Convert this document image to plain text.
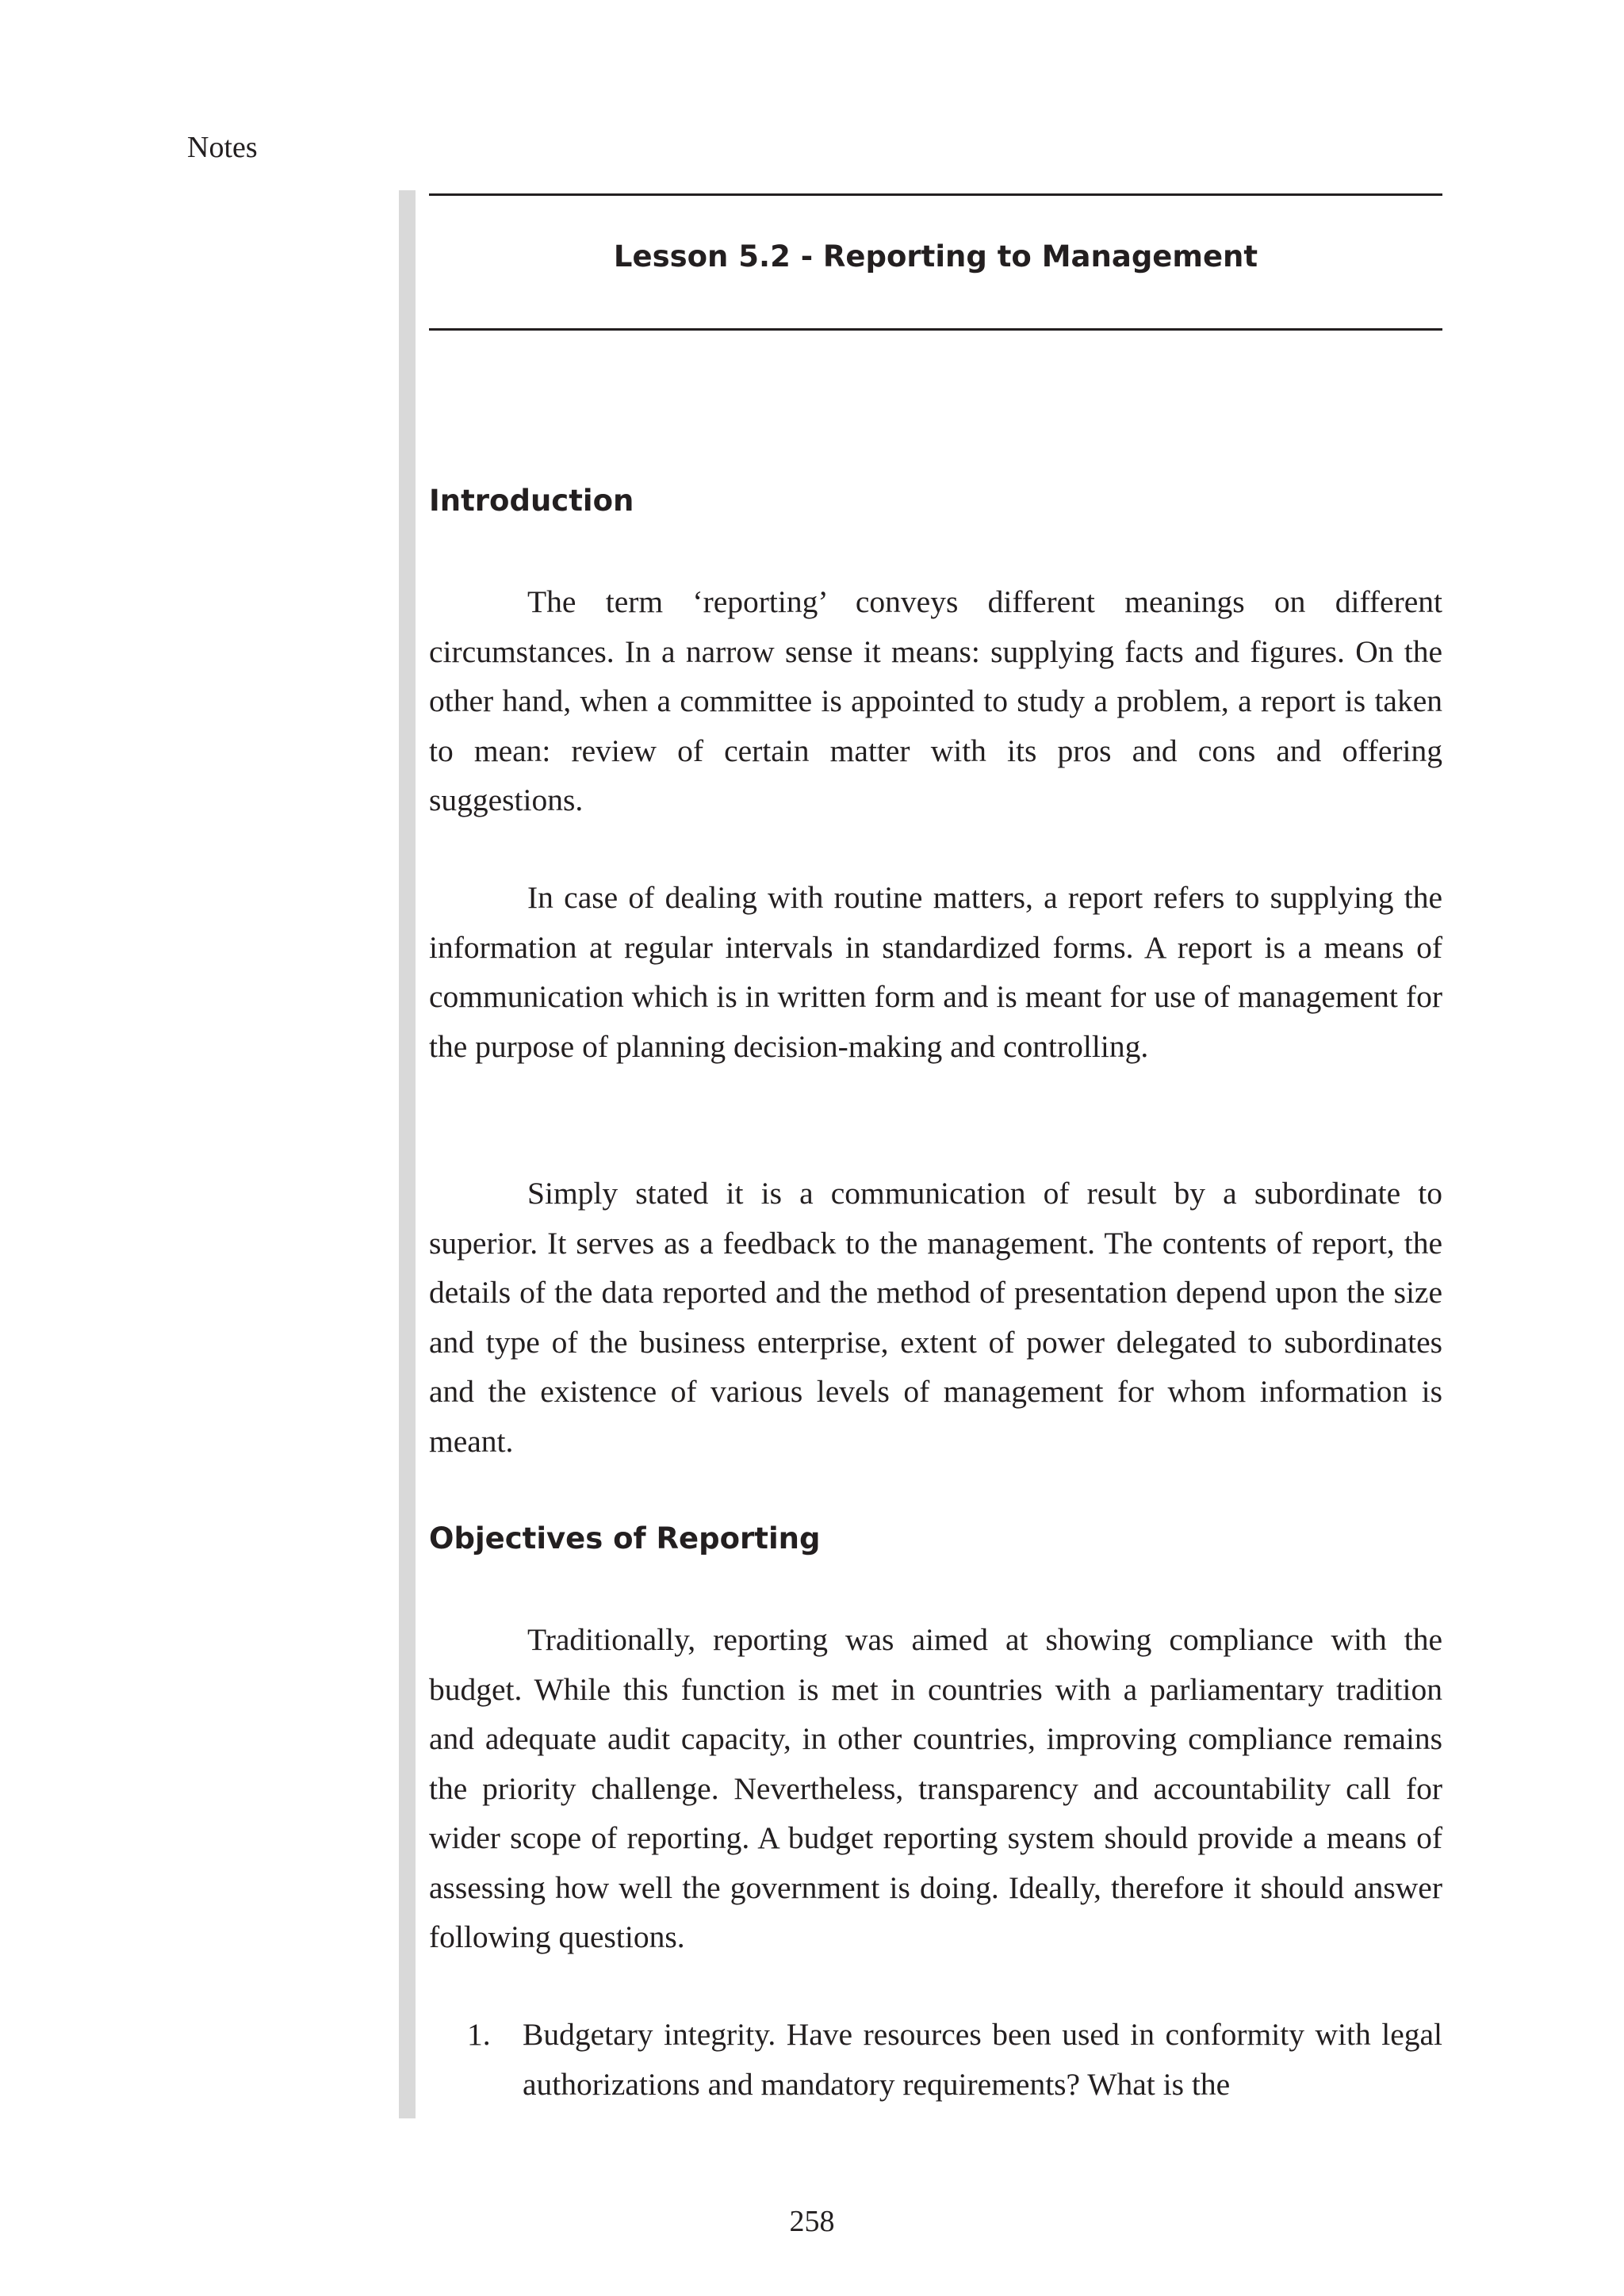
Notes
Lesson 5.2 - Reporting to Management
Introduction

The term ‘reporting’ conveys different meanings on different circumstances. In a narrow sense it means: supplying facts and figures. On the other hand, when a committee is appointed to study a problem, a report is taken to mean: review of certain matter with its pros and cons and offering suggestions.

In case of dealing with routine matters, a report refers to supplying the information at regular intervals in standardized forms. A report is a means of communication which is in written form and is meant for use of management for the purpose of planning decision-making and controlling.

Simply stated it is a communication of result by a subordinate to superior. It serves as a feedback to the management. The contents of report, the details of the data reported and the method of presentation depend upon the size and type of the business enterprise, extent of power delegated to subordinates and the existence of various levels of management for whom information is meant.

Objectives of Reporting

Traditionally, reporting was aimed at showing compliance with the budget. While this function is met in countries with a parliamentary tradition and adequate audit capacity, in other countries, improving compliance remains the priority challenge. Nevertheless, transparency and accountability call for wider scope of reporting. A budget reporting system should provide a means of assessing how well the government is doing. Ideally, therefore it should answer following questions.

1. Budgetary integrity. Have resources been used in conformity with legal authorizations and mandatory requirements? What is the
258
